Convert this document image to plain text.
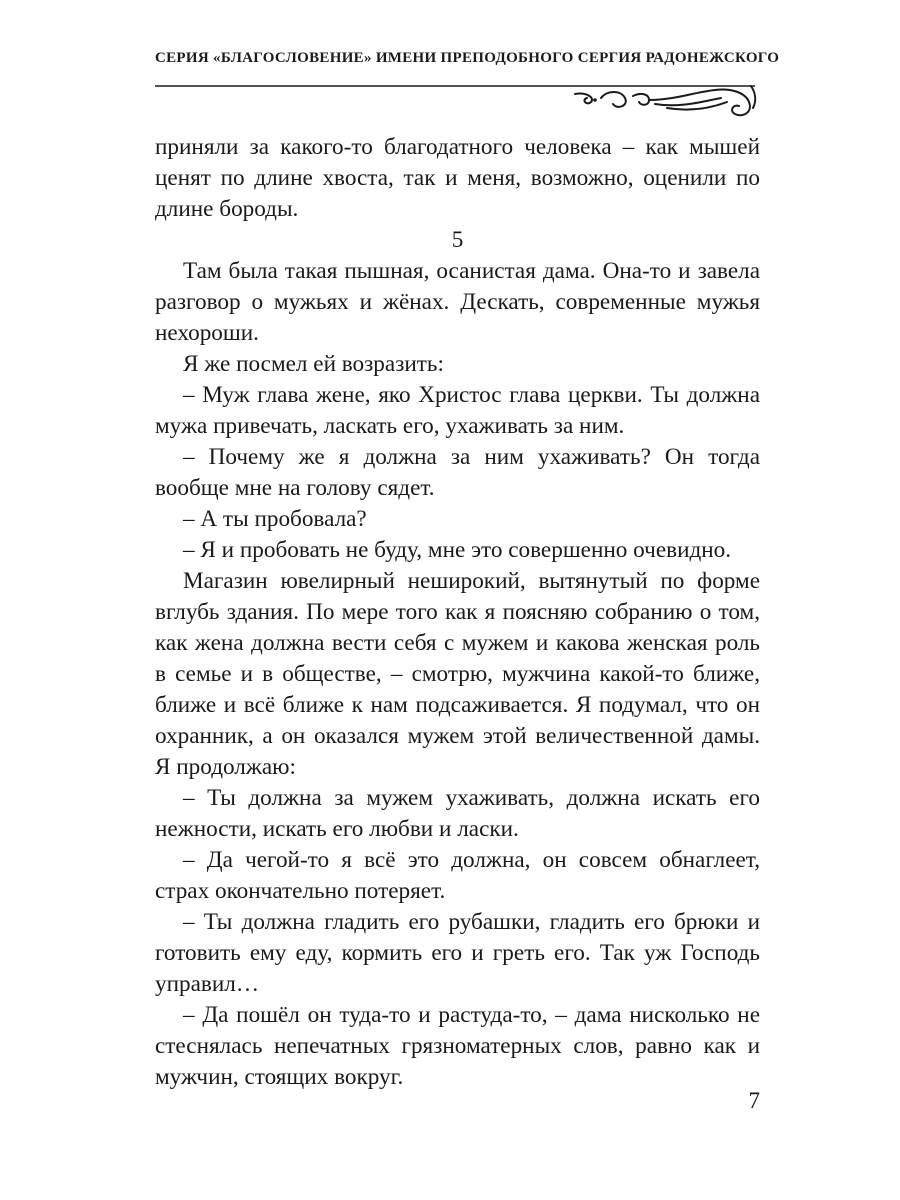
СЕРИЯ «БЛАГОСЛОВЕНИЕ» ИМЕНИ ПРЕПОДОБНОГО СЕРГИЯ РАДОНЕЖСКОГО

приняли за какого-то благодатного человека – как мышей ценят по длине хвоста, так и меня, возможно, оценили по длине бороды.

5

Там была такая пышная, осанистая дама. Она-то и завела разговор о мужьях и жёнах. Дескать, современные мужья нехороши.

Я же посмел ей возразить:

– Муж глава жене, яко Христос глава церкви. Ты должна мужа привечать, ласкать его, ухаживать за ним.

– Почему же я должна за ним ухаживать? Он тогда вообще мне на голову сядет.

– А ты пробовала?

– Я и пробовать не буду, мне это совершенно очевидно.

Магазин ювелирный неширокий, вытянутый по форме вглубь здания. По мере того как я поясняю собранию о том, как жена должна вести себя с мужем и какова женская роль в семье и в обществе, – смотрю, мужчина какой-то ближе, ближе и всё ближе к нам подсаживается. Я подумал, что он охранник, а он оказался мужем этой величественной дамы. Я продолжаю:

– Ты должна за мужем ухаживать, должна искать его нежности, искать его любви и ласки.

– Да чегой-то я всё это должна, он совсем обнаглеет, страх окончательно потеряет.

– Ты должна гладить его рубашки, гладить его брюки и готовить ему еду, кормить его и греть его. Так уж Господь управил…

– Да пошёл он туда-то и растуда-то, – дама нисколько не стеснялась непечатных грязноматерных слов, равно как и мужчин, стоящих вокруг.

7
